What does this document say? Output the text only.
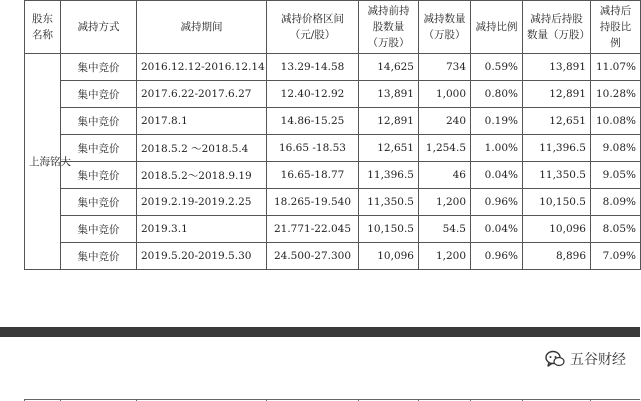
股东名称	减持方式	减持期间	减持价格区间（元/股）	减持前持股数量（万股）	减持数量（万股）	减持比例	减持后持股数量（万股）	减持后持股比例
上海铭大	集中竞价	2016.12.12-2016.12.14	13.29-14.58	14,625	734	0.59%	13,891	11.07%
	集中竞价	2017.6.22-2017.6.27	12.40-12.92	13,891	1,000	0.80%	12,891	10.28%
	集中竞价	2017.8.1	14.86-15.25	12,891	240	0.19%	12,651	10.08%
	集中竞价	2018.5.2 ～2018.5.4	16.65 -18.53	12,651	1,254.5	1.00%	11,396.5	9.08%
	集中竞价	2018.5.2～2018.9.19	16.65-18.77	11,396.5	46	0.04%	11,350.5	9.05%
	集中竞价	2019.2.19-2019.2.25	18.265-19.540	11,350.5	1,200	0.96%	10,150.5	8.09%
	集中竞价	2019.3.1	21.771-22.045	10,150.5	54.5	0.04%	10,096	8.05%
	集中竞价	2019.5.20-2019.5.30	24.500-27.300	10,096	1,200	0.96%	8,896	7.09%
五谷财经
